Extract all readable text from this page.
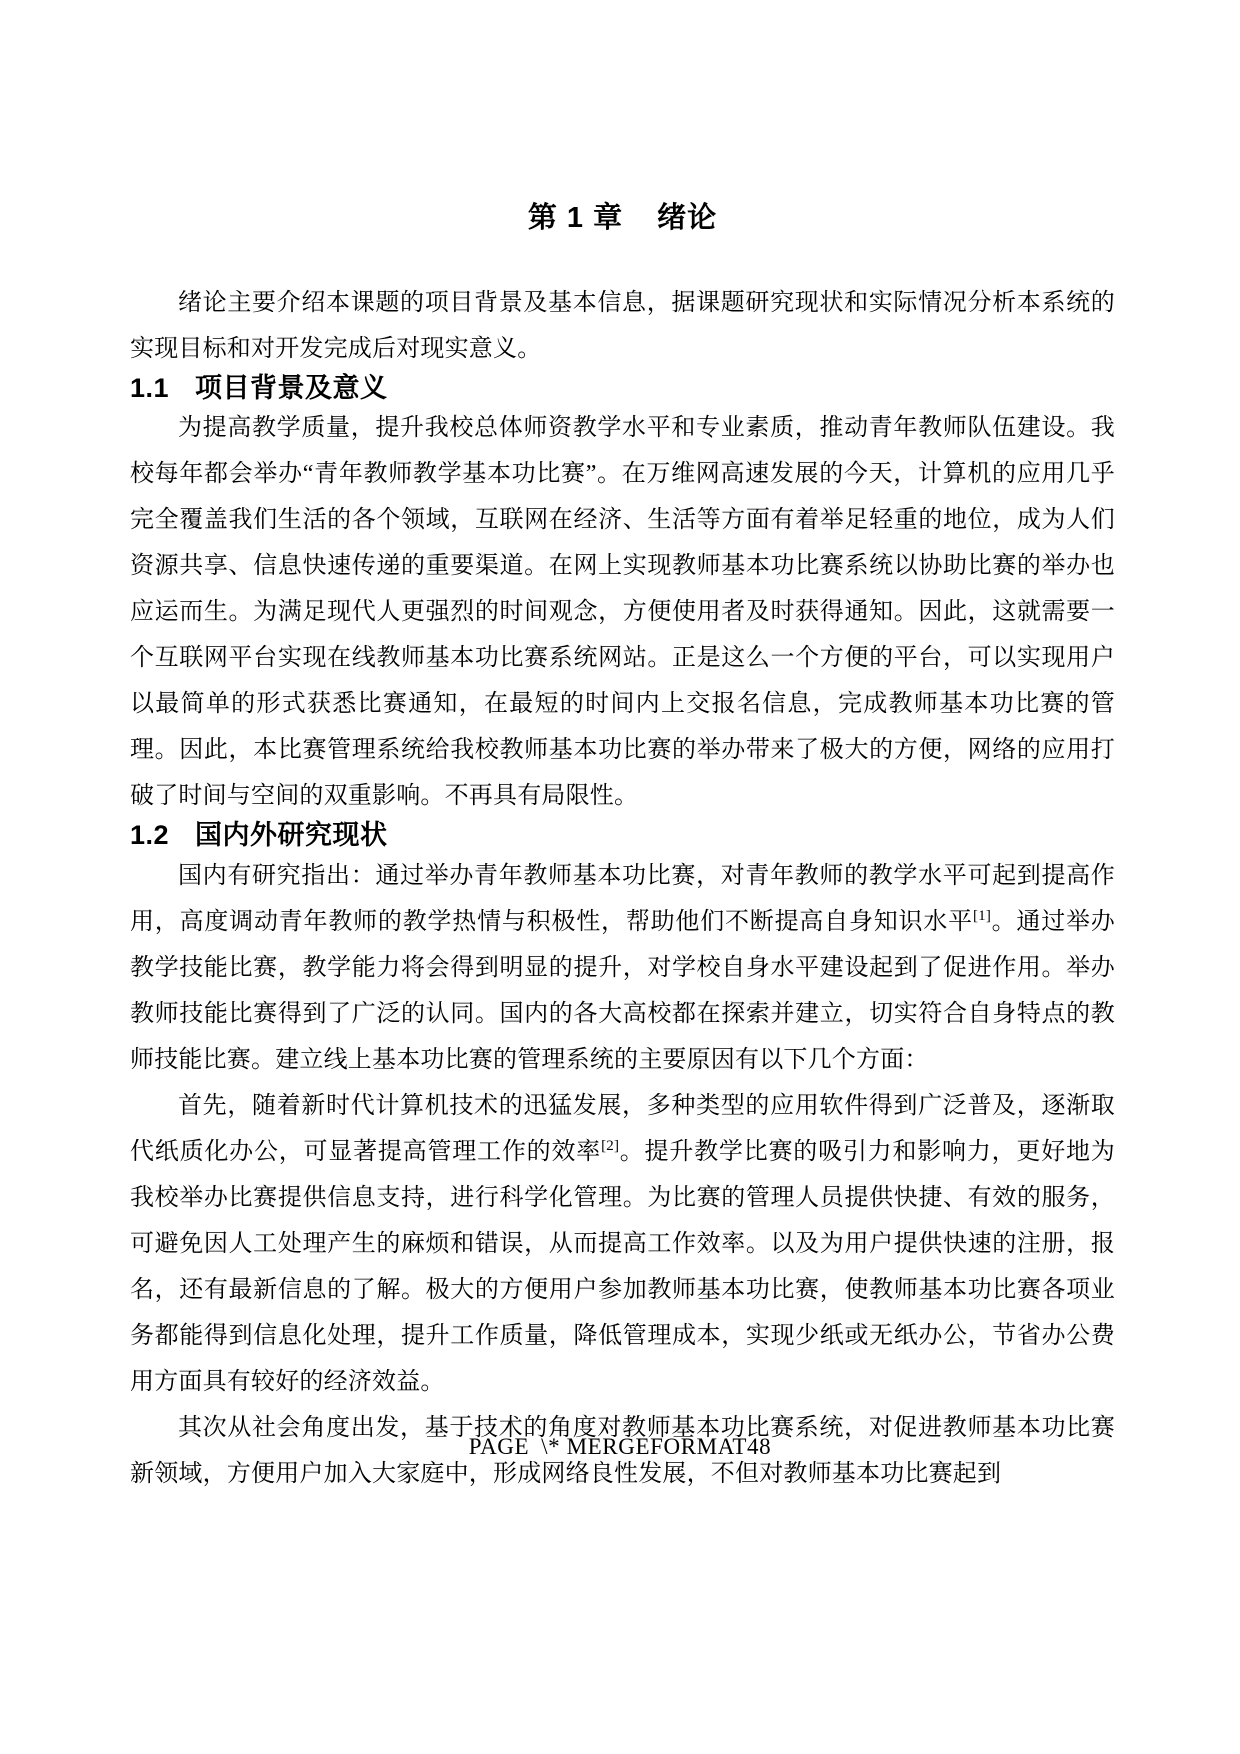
第 1 章 绪论

绪论主要介绍本课题的项目背景及基本信息，据课题研究现状和实际情况分析本系统的实现目标和对开发完成后对现实意义。

1.1 项目背景及意义

为提高教学质量，提升我校总体师资教学水平和专业素质，推动青年教师队伍建设。我校每年都会举办“青年教师教学基本功比赛”。在万维网高速发展的今天，计算机的应用几乎完全覆盖我们生活的各个领域，互联网在经济、生活等方面有着举足轻重的地位，成为人们资源共享、信息快速传递的重要渠道。在网上实现教师基本功比赛系统以协助比赛的举办也应运而生。为满足现代人更强烈的时间观念，方便使用者及时获得通知。因此，这就需要一个互联网平台实现在线教师基本功比赛系统网站。正是这么一个方便的平台，可以实现用户以最简单的形式获悉比赛通知，在最短的时间内上交报名信息，完成教师基本功比赛的管理。因此，本比赛管理系统给我校教师基本功比赛的举办带来了极大的方便，网络的应用打破了时间与空间的双重影响。不再具有局限性。

1.2 国内外研究现状

国内有研究指出：通过举办青年教师基本功比赛，对青年教师的教学水平可起到提高作用，高度调动青年教师的教学热情与积极性，帮助他们不断提高自身知识水平[1]。通过举办教学技能比赛，教学能力将会得到明显的提升，对学校自身水平建设起到了促进作用。举办教师技能比赛得到了广泛的认同。国内的各大高校都在探索并建立，切实符合自身特点的教师技能比赛。建立线上基本功比赛的管理系统的主要原因有以下几个方面：

首先，随着新时代计算机技术的迅猛发展，多种类型的应用软件得到广泛普及，逐渐取代纸质化办公，可显著提高管理工作的效率[2]。提升教学比赛的吸引力和影响力，更好地为我校举办比赛提供信息支持，进行科学化管理。为比赛的管理人员提供快捷、有效的服务，可避免因人工处理产生的麻烦和错误，从而提高工作效率。以及为用户提供快速的注册，报名，还有最新信息的了解。极大的方便用户参加教师基本功比赛，使教师基本功比赛各项业务都能得到信息化处理，提升工作质量，降低管理成本，实现少纸或无纸办公，节省办公费用方面具有较好的经济效益。

其次从社会角度出发，基于技术的角度对教师基本功比赛系统，对促进教师基本功比赛新领域，方便用户加入大家庭中，形成网络良性发展，不但对教师基本功比赛起到

PAGE \* MERGEFORMAT48
